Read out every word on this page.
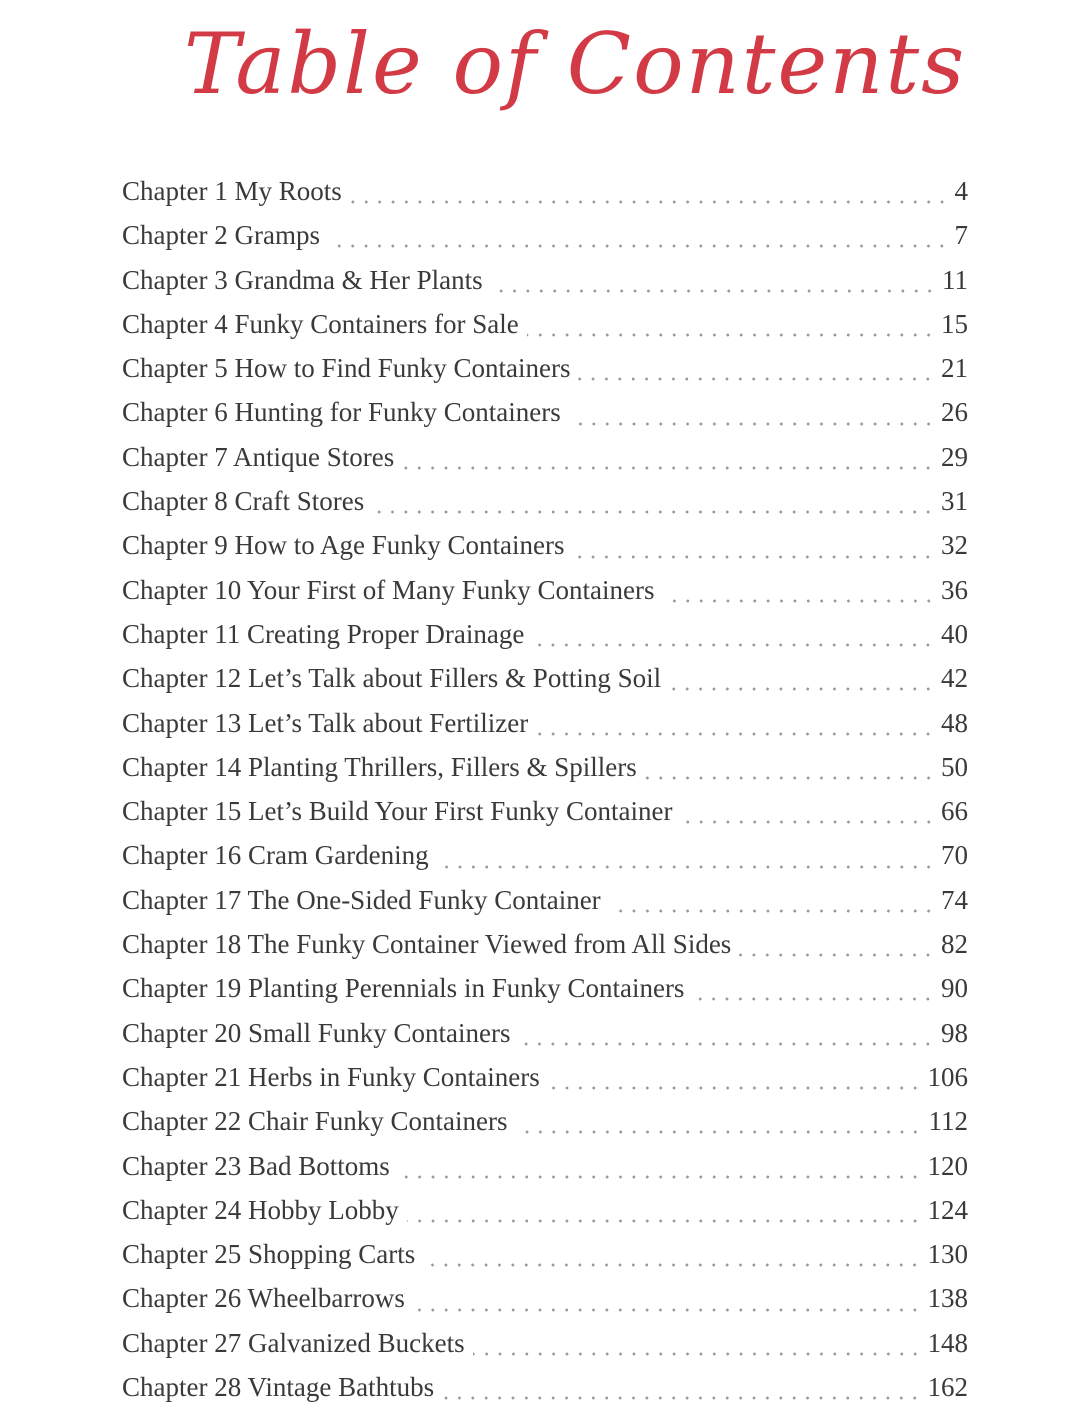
Table of Contents
Chapter 1 My Roots	4
Chapter 2 Gramps	7
Chapter 3 Grandma & Her Plants	11
Chapter 4 Funky Containers for Sale	15
Chapter 5 How to Find Funky Containers	21
Chapter 6 Hunting for Funky Containers	26
Chapter 7 Antique Stores	29
Chapter 8 Craft Stores	31
Chapter 9 How to Age Funky Containers	32
Chapter 10 Your First of Many Funky Containers	36
Chapter 11 Creating Proper Drainage	40
Chapter 12 Let’s Talk about Fillers & Potting Soil	42
Chapter 13 Let’s Talk about Fertilizer	48
Chapter 14 Planting Thrillers, Fillers & Spillers	50
Chapter 15 Let’s Build Your First Funky Container	66
Chapter 16 Cram Gardening	70
Chapter 17 The One-Sided Funky Container	74
Chapter 18 The Funky Container Viewed from All Sides	82
Chapter 19 Planting Perennials in Funky Containers	90
Chapter 20 Small Funky Containers	98
Chapter 21 Herbs in Funky Containers	106
Chapter 22 Chair Funky Containers	112
Chapter 23 Bad Bottoms	120
Chapter 24 Hobby Lobby	124
Chapter 25 Shopping Carts	130
Chapter 26 Wheelbarrows	138
Chapter 27 Galvanized Buckets	148
Chapter 28 Vintage Bathtubs	162
